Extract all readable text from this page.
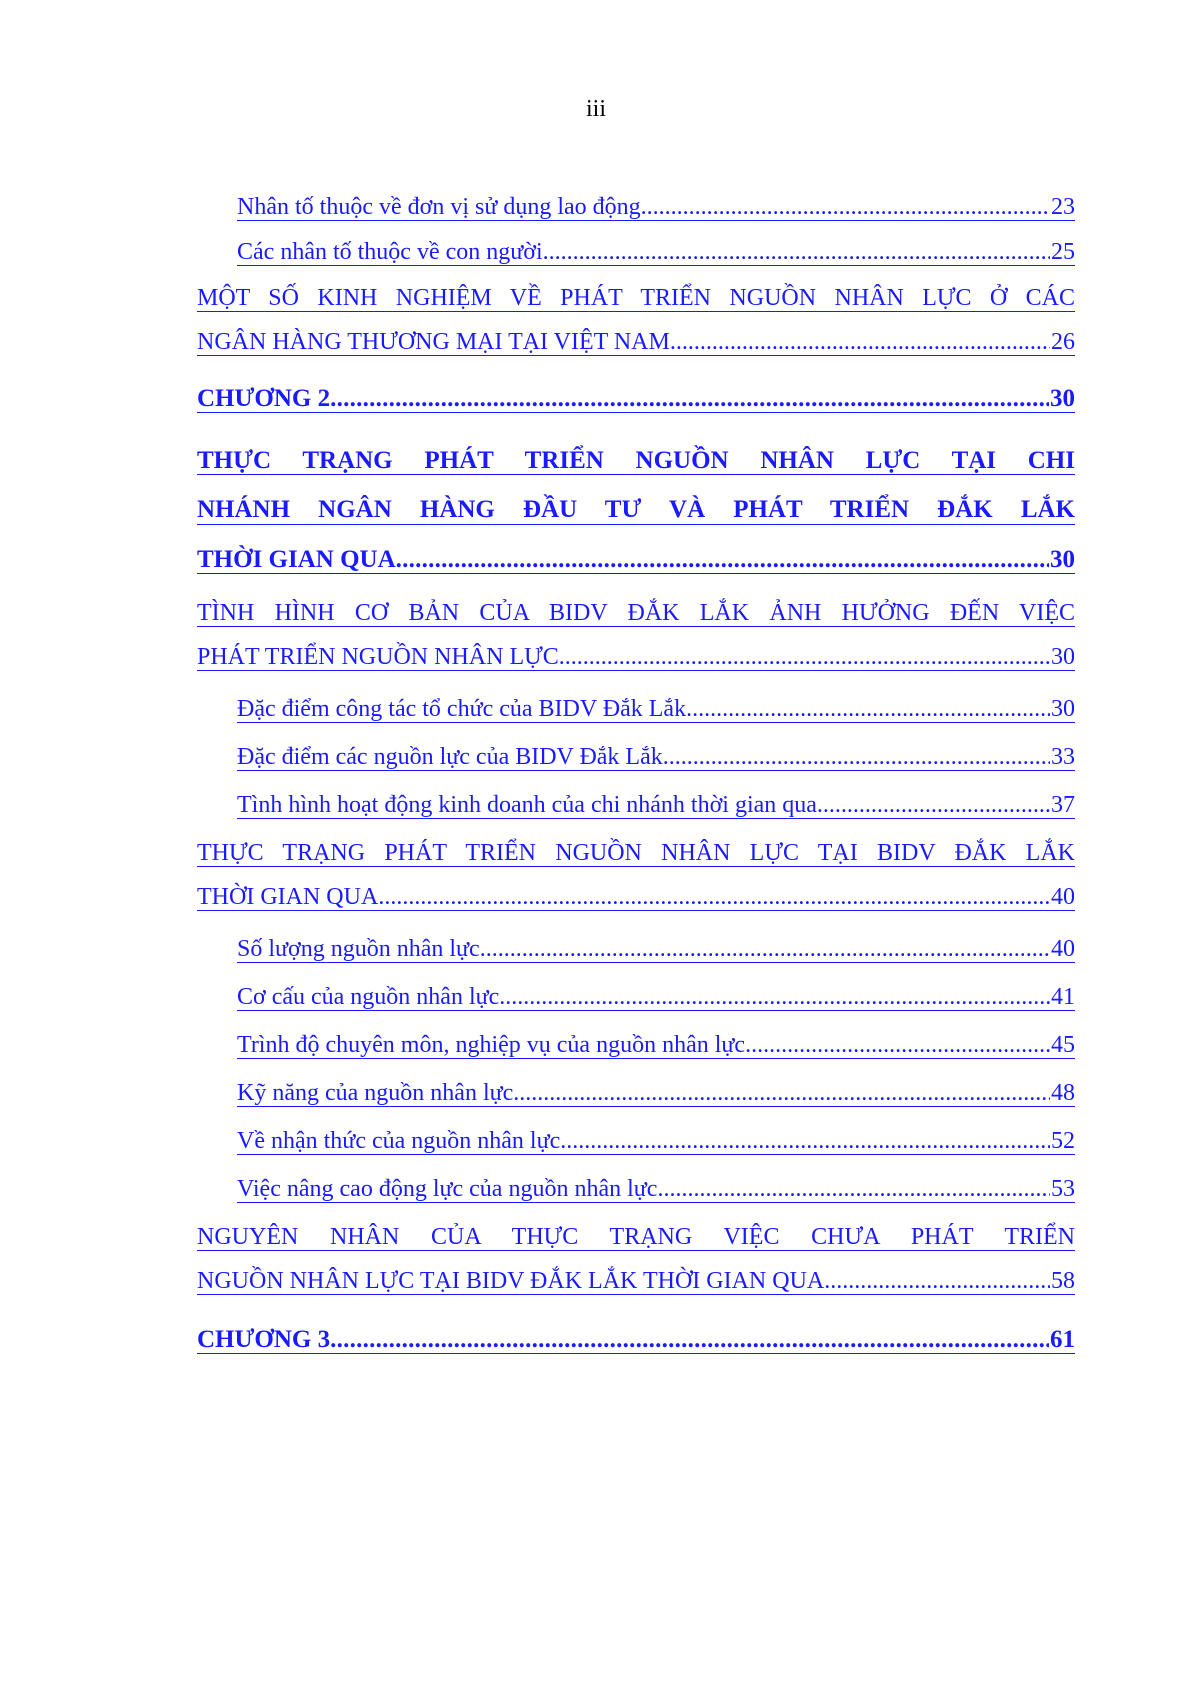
iii
Nhân tố thuộc về đơn vị sử dụng lao động . . .	23
Các nhân tố thuộc về con người . . .	25
MỘT SỐ KINH NGHIỆM VỀ PHÁT TRIỂN NGUỒN NHÂN LỰC Ở CÁC
NGÂN HÀNG THƯƠNG MẠI TẠI VIỆT NAM . . .	26
CHƯƠNG 2 . . .	30
THỰC TRẠNG PHÁT TRIỂN NGUỒN NHÂN LỰC TẠI CHI
NHÁNH NGÂN HÀNG ĐẦU TƯ VÀ PHÁT TRIỂN ĐẮK LẮK
THỜI GIAN QUA . . .	30
TÌNH HÌNH CƠ BẢN CỦA BIDV ĐẮK LẮK ẢNH HƯỞNG ĐẾN VIỆC
PHÁT TRIỂN NGUỒN NHÂN LỰC . . .	30
Đặc điểm công tác tổ chức của BIDV Đắk Lắk . . .	30
Đặc điểm các nguồn lực của BIDV Đắk Lắk . . .	33
Tình hình hoạt động kinh doanh của chi nhánh thời gian qua . . .	37
THỰC TRẠNG PHÁT TRIỂN NGUỒN NHÂN LỰC TẠI BIDV ĐẮK LẮK
THỜI GIAN QUA . . .	40
Số lượng nguồn nhân lực . . .	40
Cơ cấu của nguồn nhân lực . . .	41
Trình độ chuyên môn, nghiệp vụ của nguồn nhân lực . . .	45
Kỹ năng của nguồn nhân lực . . .	48
Về nhận thức của nguồn nhân lực . . .	52
Việc nâng cao động lực của nguồn nhân lực . . .	53
NGUYÊN NHÂN CỦA THỰC TRẠNG VIỆC CHƯA PHÁT TRIỂN
NGUỒN NHÂN LỰC TẠI BIDV ĐẮK LẮK THỜI GIAN QUA . . .	58
CHƯƠNG 3 . . .	61
